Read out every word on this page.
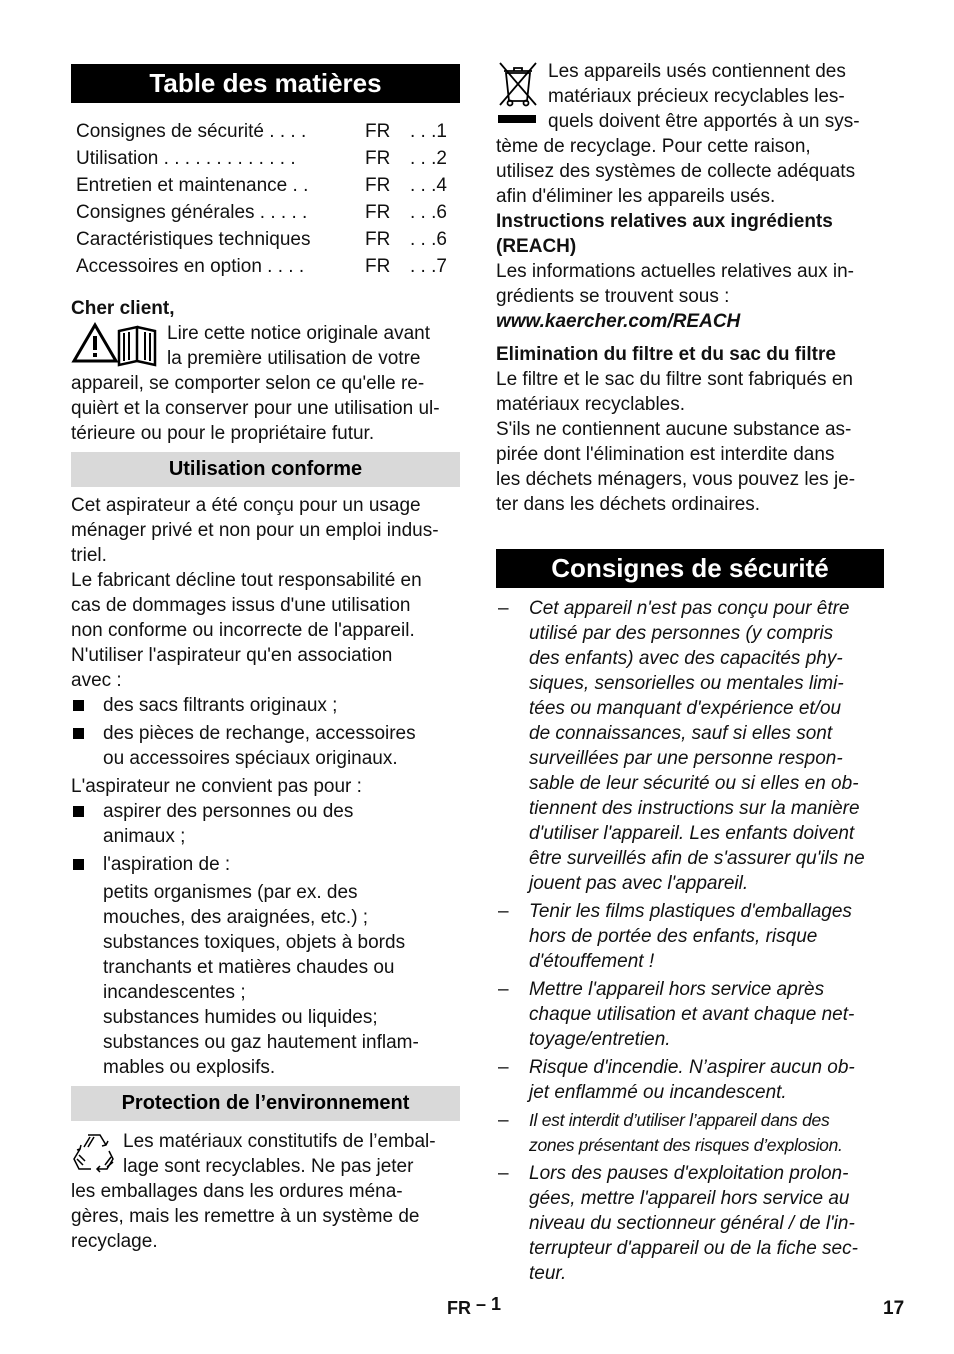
Table des matières
Consignes de sécurité . . . .	FR	. . .1
Utilisation . . . . . . . . . . . . .	FR	. . .2
Entretien et maintenance . .	FR	. . .4
Consignes générales . . . . .	FR	. . .6
Caractéristiques techniques	FR	. . .6
Accessoires en option . . . .	FR	. . .7

Cher client,

Lire cette notice originale avant

la première utilisation de votre

appareil, se comporter selon ce qu'elle re-

quièrt et la conserver pour une utilisation ul-

térieure ou pour le propriétaire futur.

Utilisation conforme

Cet aspirateur a été conçu pour un usage

ménager privé et non pour un emploi indus-

triel.

Le fabricant décline tout responsabilité en

cas de dommages issus d'une utilisation

non conforme ou incorrecte de l'appareil.

N'utiliser l'aspirateur qu'en association

avec :

des sacs filtrants originaux ;

des pièces de rechange, accessoires

ou accessoires spéciaux originaux.

L'aspirateur ne convient pas pour :

aspirer des personnes ou des

animaux ;

l'aspiration de :

petits organismes (par ex. des

mouches, des araignées, etc.) ;

substances toxiques, objets à bords

tranchants et matières chaudes ou

incandescentes ;

substances humides ou liquides;

substances ou gaz hautement inflam-

mables ou explosifs.

Protection de l’environnement

Les matériaux constitutifs de l’embal-

lage sont recyclables. Ne pas jeter

les emballages dans les ordures ména-

gères, mais les remettre à un système de

recyclage.

Les appareils usés contiennent des

matériaux précieux recyclables les-

quels doivent être apportés à un sys-

tème de recyclage. Pour cette raison,

utilisez des systèmes de collecte adéquats

afin d'éliminer les appareils usés.

Instructions relatives aux ingrédients

(REACH)

Les informations actuelles relatives aux in-

grédients se trouvent sous :

www.kaercher.com/REACH

Elimination du filtre et du sac du filtre

Le filtre et le sac du filtre sont fabriqués en

matériaux recyclables.

S'ils ne contiennent aucune substance as-

pirée dont l'élimination est interdite dans

les déchets ménagers, vous pouvez les je-

ter dans les déchets ordinaires.

Consignes de sécurité
– Cet appareil n'est pas conçu pour être

utilisé par des personnes (y compris

des enfants) avec des capacités phy-

siques, sensorielles ou mentales limi-

tées ou manquant d'expérience et/ou

de connaissances, sauf si elles sont

surveillées par une personne respon-

sable de leur sécurité ou si elles en ob-

tiennent des instructions sur la manière

d'utiliser l'appareil. Les enfants doivent

être surveillés afin de s'assurer qu'ils ne

jouent pas avec l'appareil.

– Tenir les films plastiques d'emballages

hors de portée des enfants, risque

d'étouffement !

– Mettre l'appareil hors service après

chaque utilisation et avant chaque net-

toyage/entretien.

– Risque d'incendie. N’aspirer aucun ob-

jet enflammé ou incandescent.

– Il est interdit d’utiliser l’appareil dans des

zones présentant des risques d’explosion.

– Lors des pauses d'exploitation prolon-

gées, mettre l'appareil hors service au

niveau du sectionneur général / de l'in-

terrupteur d'appareil ou de la fiche sec-

teur.

FR – 1	17
